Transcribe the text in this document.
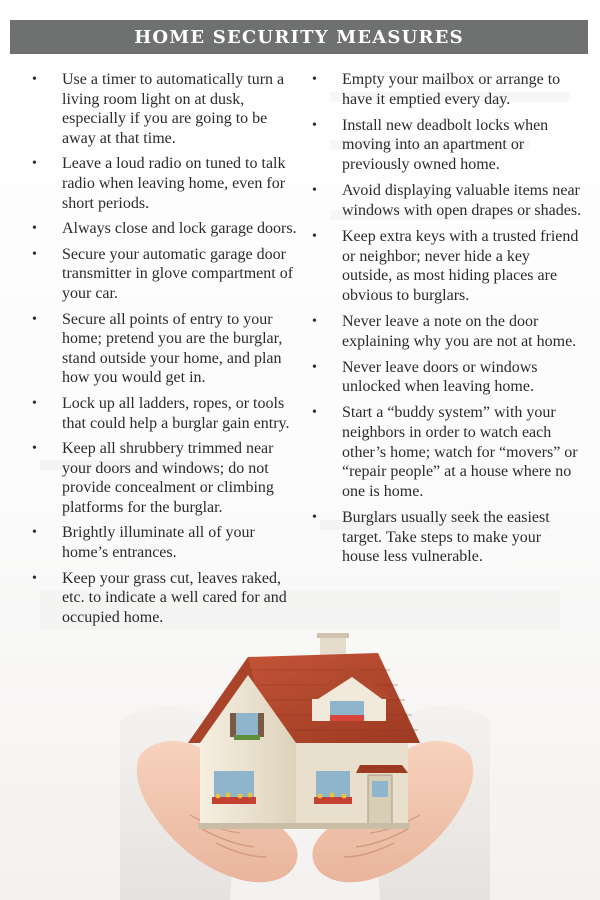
HOME SECURITY MEASURES
• Use a timer to automatically turn a living room light on at dusk, especially if you are going to be away at that time.
• Leave a loud radio on tuned to talk radio when leaving home, even for short periods.
• Always close and lock garage doors.
• Secure your automatic garage door transmitter in glove compartment of your car.
• Secure all points of entry to your home; pretend you are the burglar, stand outside your home, and plan how you would get in.
• Lock up all ladders, ropes, or tools that could help a burglar gain entry.
• Keep all shrubbery trimmed near your doors and windows; do not provide concealment or climbing platforms for the burglar.
• Brightly illuminate all of your home’s entrances.
• Keep your grass cut, leaves raked, etc. to indicate a well cared for and occupied home.
• Empty your mailbox or arrange to have it emptied every day.
• Install new deadbolt locks when moving into an apartment or previously owned home.
• Avoid displaying valuable items near windows with open drapes or shades.
• Keep extra keys with a trusted friend or neighbor; never hide a key outside, as most hiding places are obvious to burglars.
• Never leave a note on the door explaining why you are not at home.
• Never leave doors or windows unlocked when leaving home.
• Start a “buddy system” with your neighbors in order to watch each other’s home; watch for “movers” or “repair people” at a house where no one is home.
• Burglars usually seek the easiest target. Take steps to make your house less vulnerable.
